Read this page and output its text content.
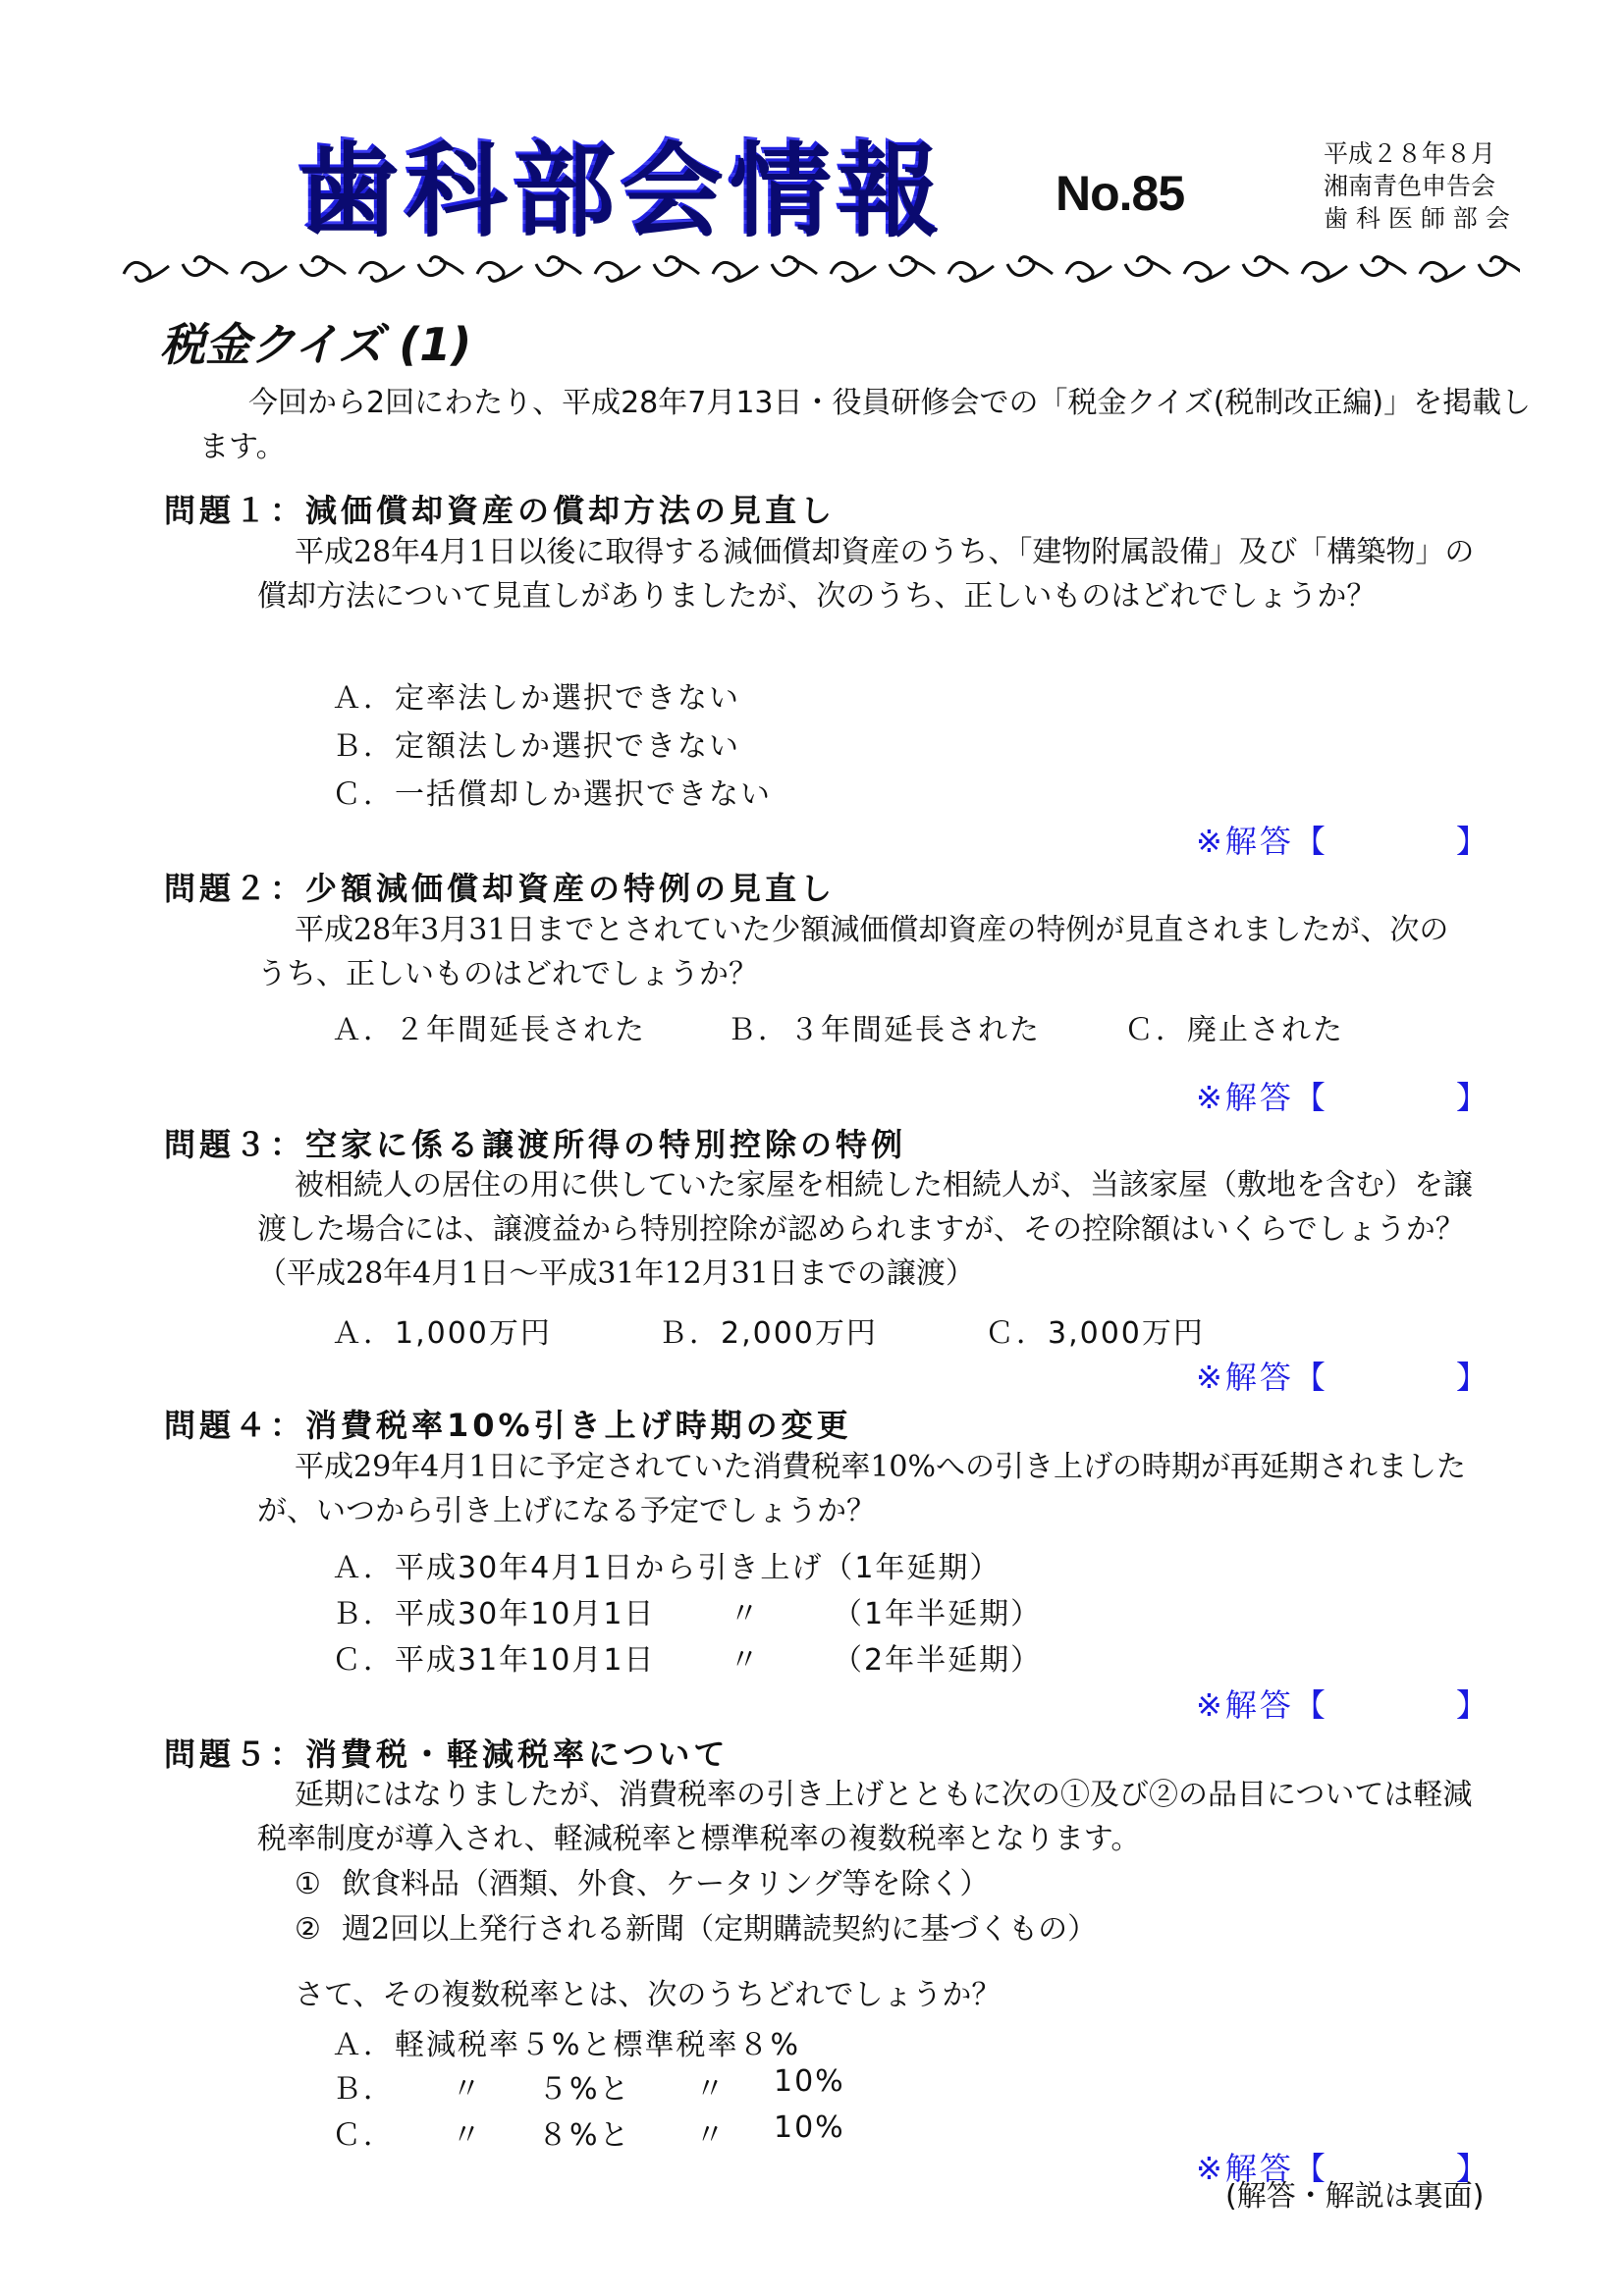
歯科部会情報 No.85
平成２８年８月
湘南青色申告会
歯 科 医 師 部 会
税金クイズ (1)

今回から2回にわたり、平成28年7月13日・役員研修会での「税金クイズ(税制改正編)」を掲載します。

問題１：減価償却資産の償却方法の見直し

平成28年4月1日以後に取得する減価償却資産のうち、「建物附属設備」及び「構築物」の償却方法について見直しがありましたが、次のうち、正しいものはどれでしょうか？

Ａ．定率法しか選択できない
Ｂ．定額法しか選択できない
Ｃ．一括償却しか選択できない
※解答【	】
問題２：少額減価償却資産の特例の見直し

平成28年3月31日までとされていた少額減価償却資産の特例が見直されましたが、次のうち、正しいものはどれでしょうか？

Ａ．２年間延長された	Ｂ．３年間延長された	Ｃ．廃止された
※解答【	】
問題３：空家に係る譲渡所得の特別控除の特例

被相続人の居住の用に供していた家屋を相続した相続人が、当該家屋（敷地を含む）を譲渡した場合には、譲渡益から特別控除が認められますが、その控除額はいくらでしょうか？（平成28年4月1日～平成31年12月31日までの譲渡）

Ａ．1,000万円	Ｂ．2,000万円	Ｃ．3,000万円
※解答【	】
問題４：消費税率10%引き上げ時期の変更

平成29年4月1日に予定されていた消費税率10%への引き上げの時期が再延期されましたが、いつから引き上げになる予定でしょうか？

Ａ．平成30年4月1日から引き上げ（1年延期）
Ｂ．平成30年10月1日	〃 （1年半延期）
Ｃ．平成31年10月1日	〃 （2年半延期）
※解答【	】
問題５：消費税・軽減税率について

延期にはなりましたが、消費税率の引き上げとともに次の①及び②の品目については軽減税率制度が導入され、軽減税率と標準税率の複数税率となります。

① 飲食料品（酒類、外食、ケータリング等を除く）
② 週2回以上発行される新聞（定期購読契約に基づくもの）
さて、その複数税率とは、次のうちどれでしょうか？
Ａ．軽減税率５%と標準税率８%
Ｂ． 〃 ５%と 〃 10%
Ｃ． 〃 ８%と 〃 10%
※解答【	】
(解答・解説は裏面)
